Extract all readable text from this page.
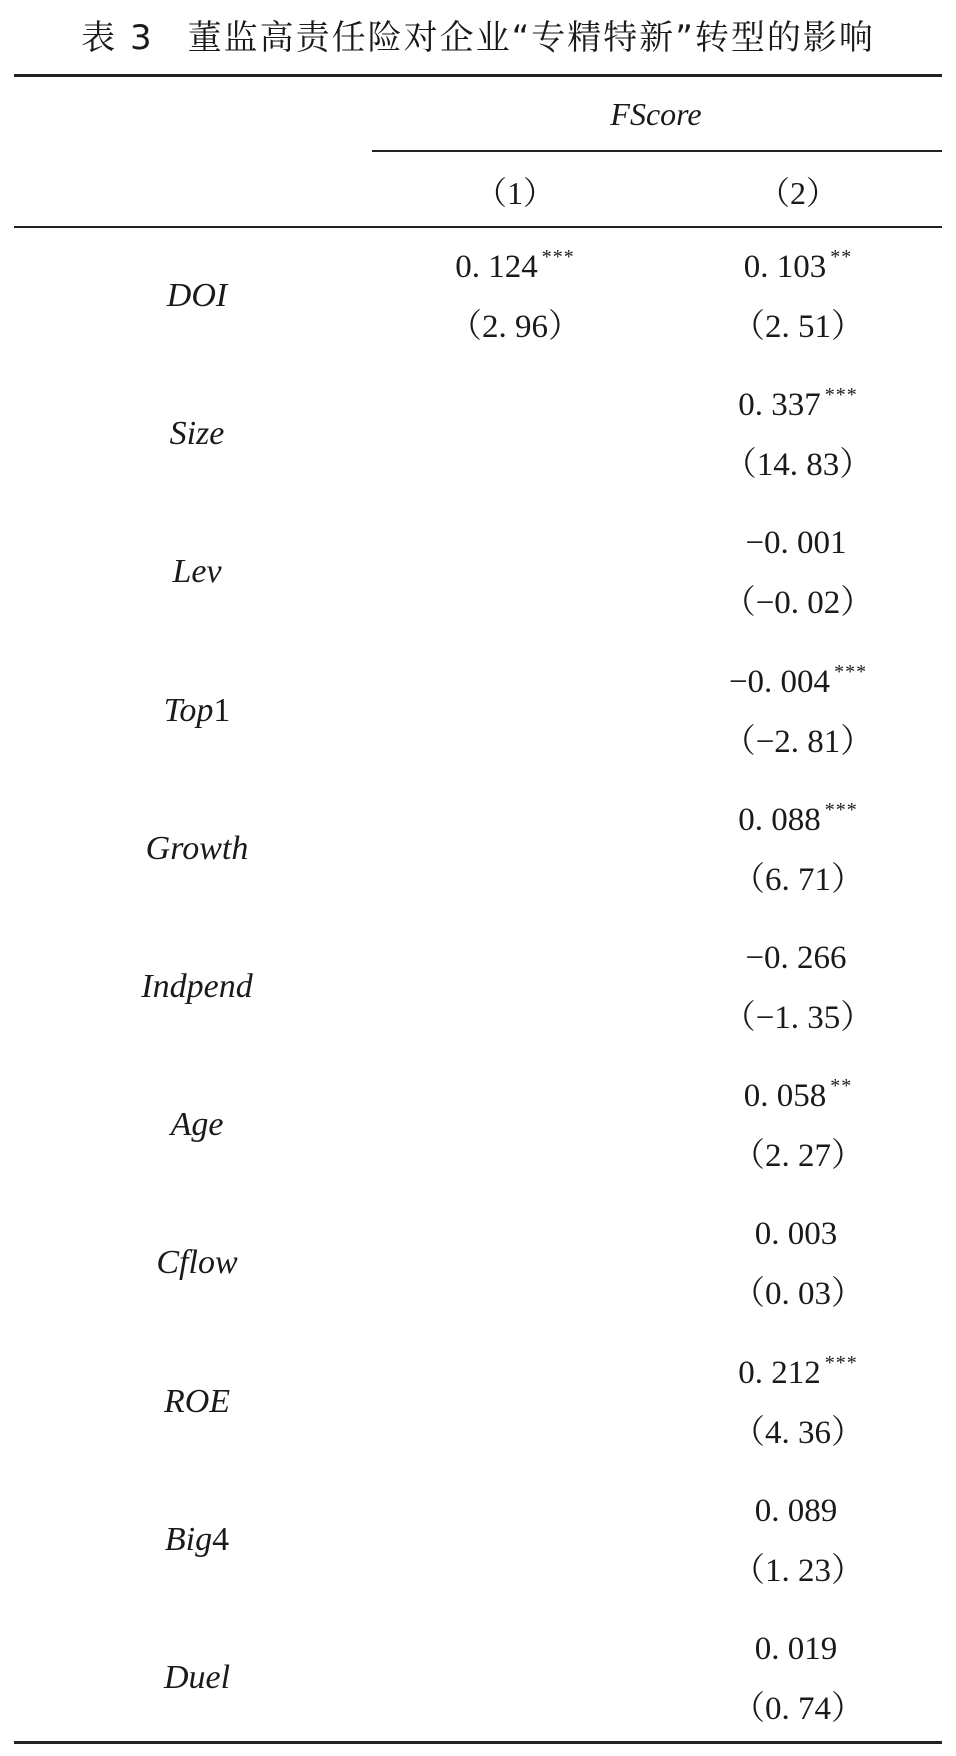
表 3 董监高责任险对企业“专精特新”转型的影响
FScore
（1）	（2）
DOI
0. 124 ***
（2. 96）
0. 103 **
（2. 51）
Size
0. 337 ***
（14. 83）
Lev
−0. 001
（−0. 02）
Top1
−0. 004 ***
（−2. 81）
Growth
0. 088 ***
（6. 71）
Indpend
−0. 266
（−1. 35）
Age
0. 058 **
（2. 27）
Cflow
0. 003
（0. 03）
ROE
0. 212 ***
（4. 36）
Big4
0. 089
（1. 23）
Duel
0. 019
（0. 74）
